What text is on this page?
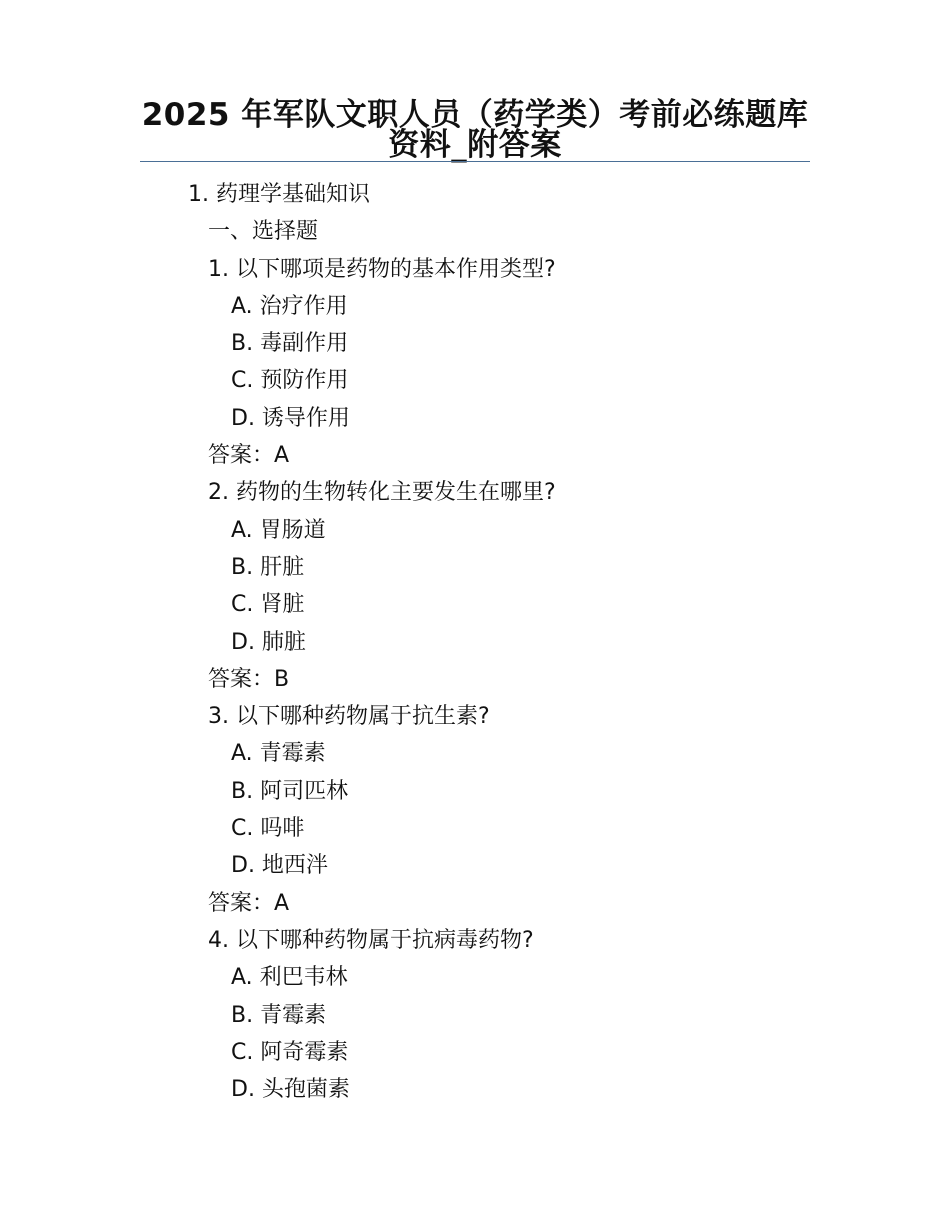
2025 年军队文职人员（药学类）考前必练题库资料_附答案
1. 药理学基础知识
一、选择题
1. 以下哪项是药物的基本作用类型?
A. 治疗作用
B. 毒副作用
C. 预防作用
D. 诱导作用
答案：A
2. 药物的生物转化主要发生在哪里?
A. 胃肠道
B. 肝脏
C. 肾脏
D. 肺脏
答案：B
3. 以下哪种药物属于抗生素?
A. 青霉素
B. 阿司匹林
C. 吗啡
D. 地西泮
答案：A
4. 以下哪种药物属于抗病毒药物?
A. 利巴韦林
B. 青霉素
C. 阿奇霉素
D. 头孢菌素
